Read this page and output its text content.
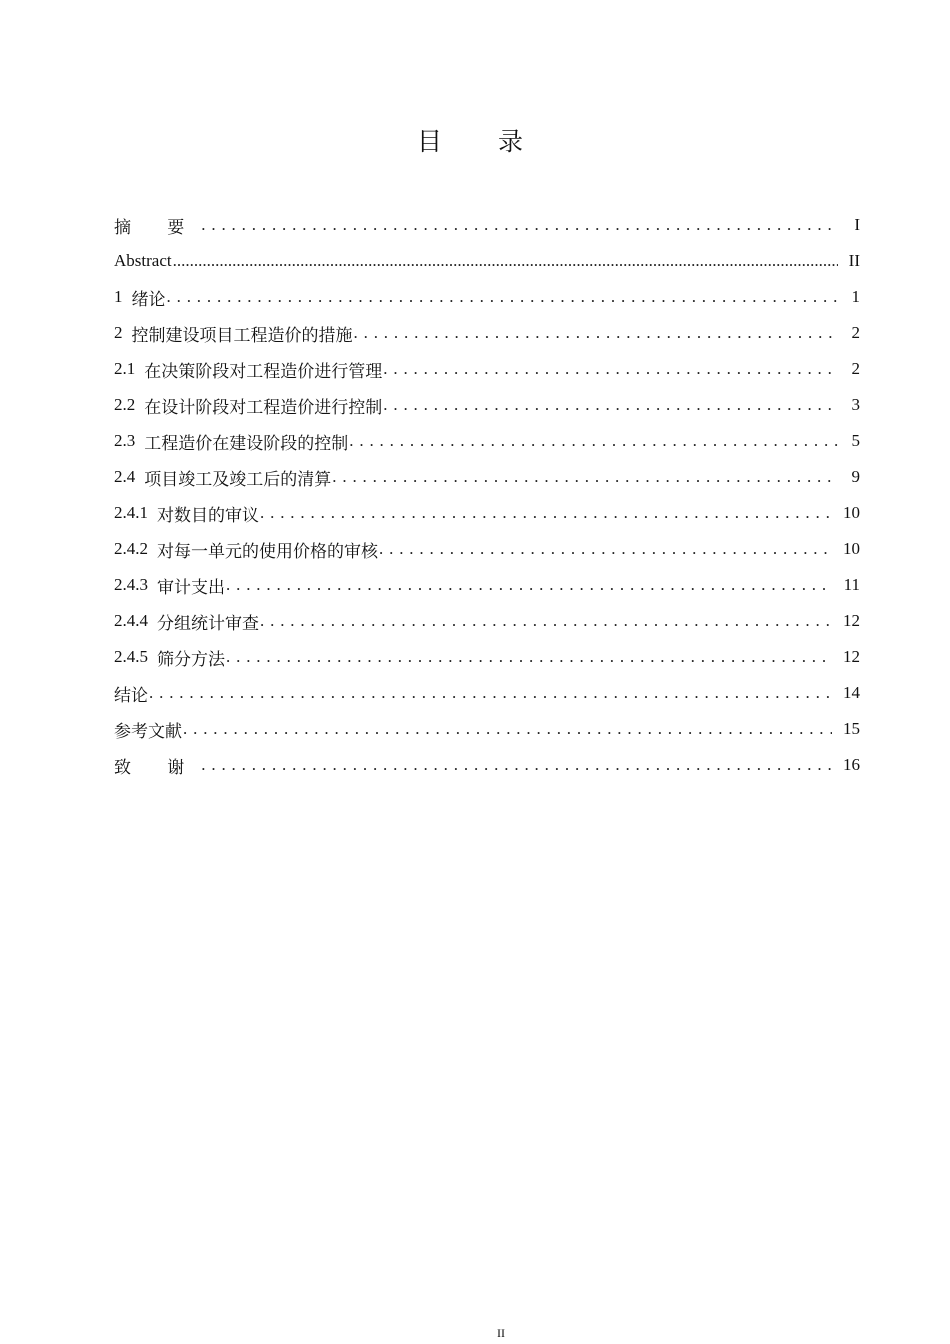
目 录
摘 要 . . .	I
Abstract .....	II
1 绪论 . . .	1
2 控制建设项目工程造价的措施 . . .	2
2.1 在决策阶段对工程造价进行管理 . . .	2
2.2 在设计阶段对工程造价进行控制 . . .	3
2.3 工程造价在建设阶段的控制 . . .	5
2.4 项目竣工及竣工后的清算 . . .	9
2.4.1 对数目的审议 . . .	10
2.4.2 对每一单元的使用价格的审核 . . .	10
2.4.3 审计支出 . . .	11
2.4.4 分组统计审查 . . .	12
2.4.5 筛分方法 . . .	12
结论 . . .	14
参考文献 . . .	15
致 谢 . . .	16
II
